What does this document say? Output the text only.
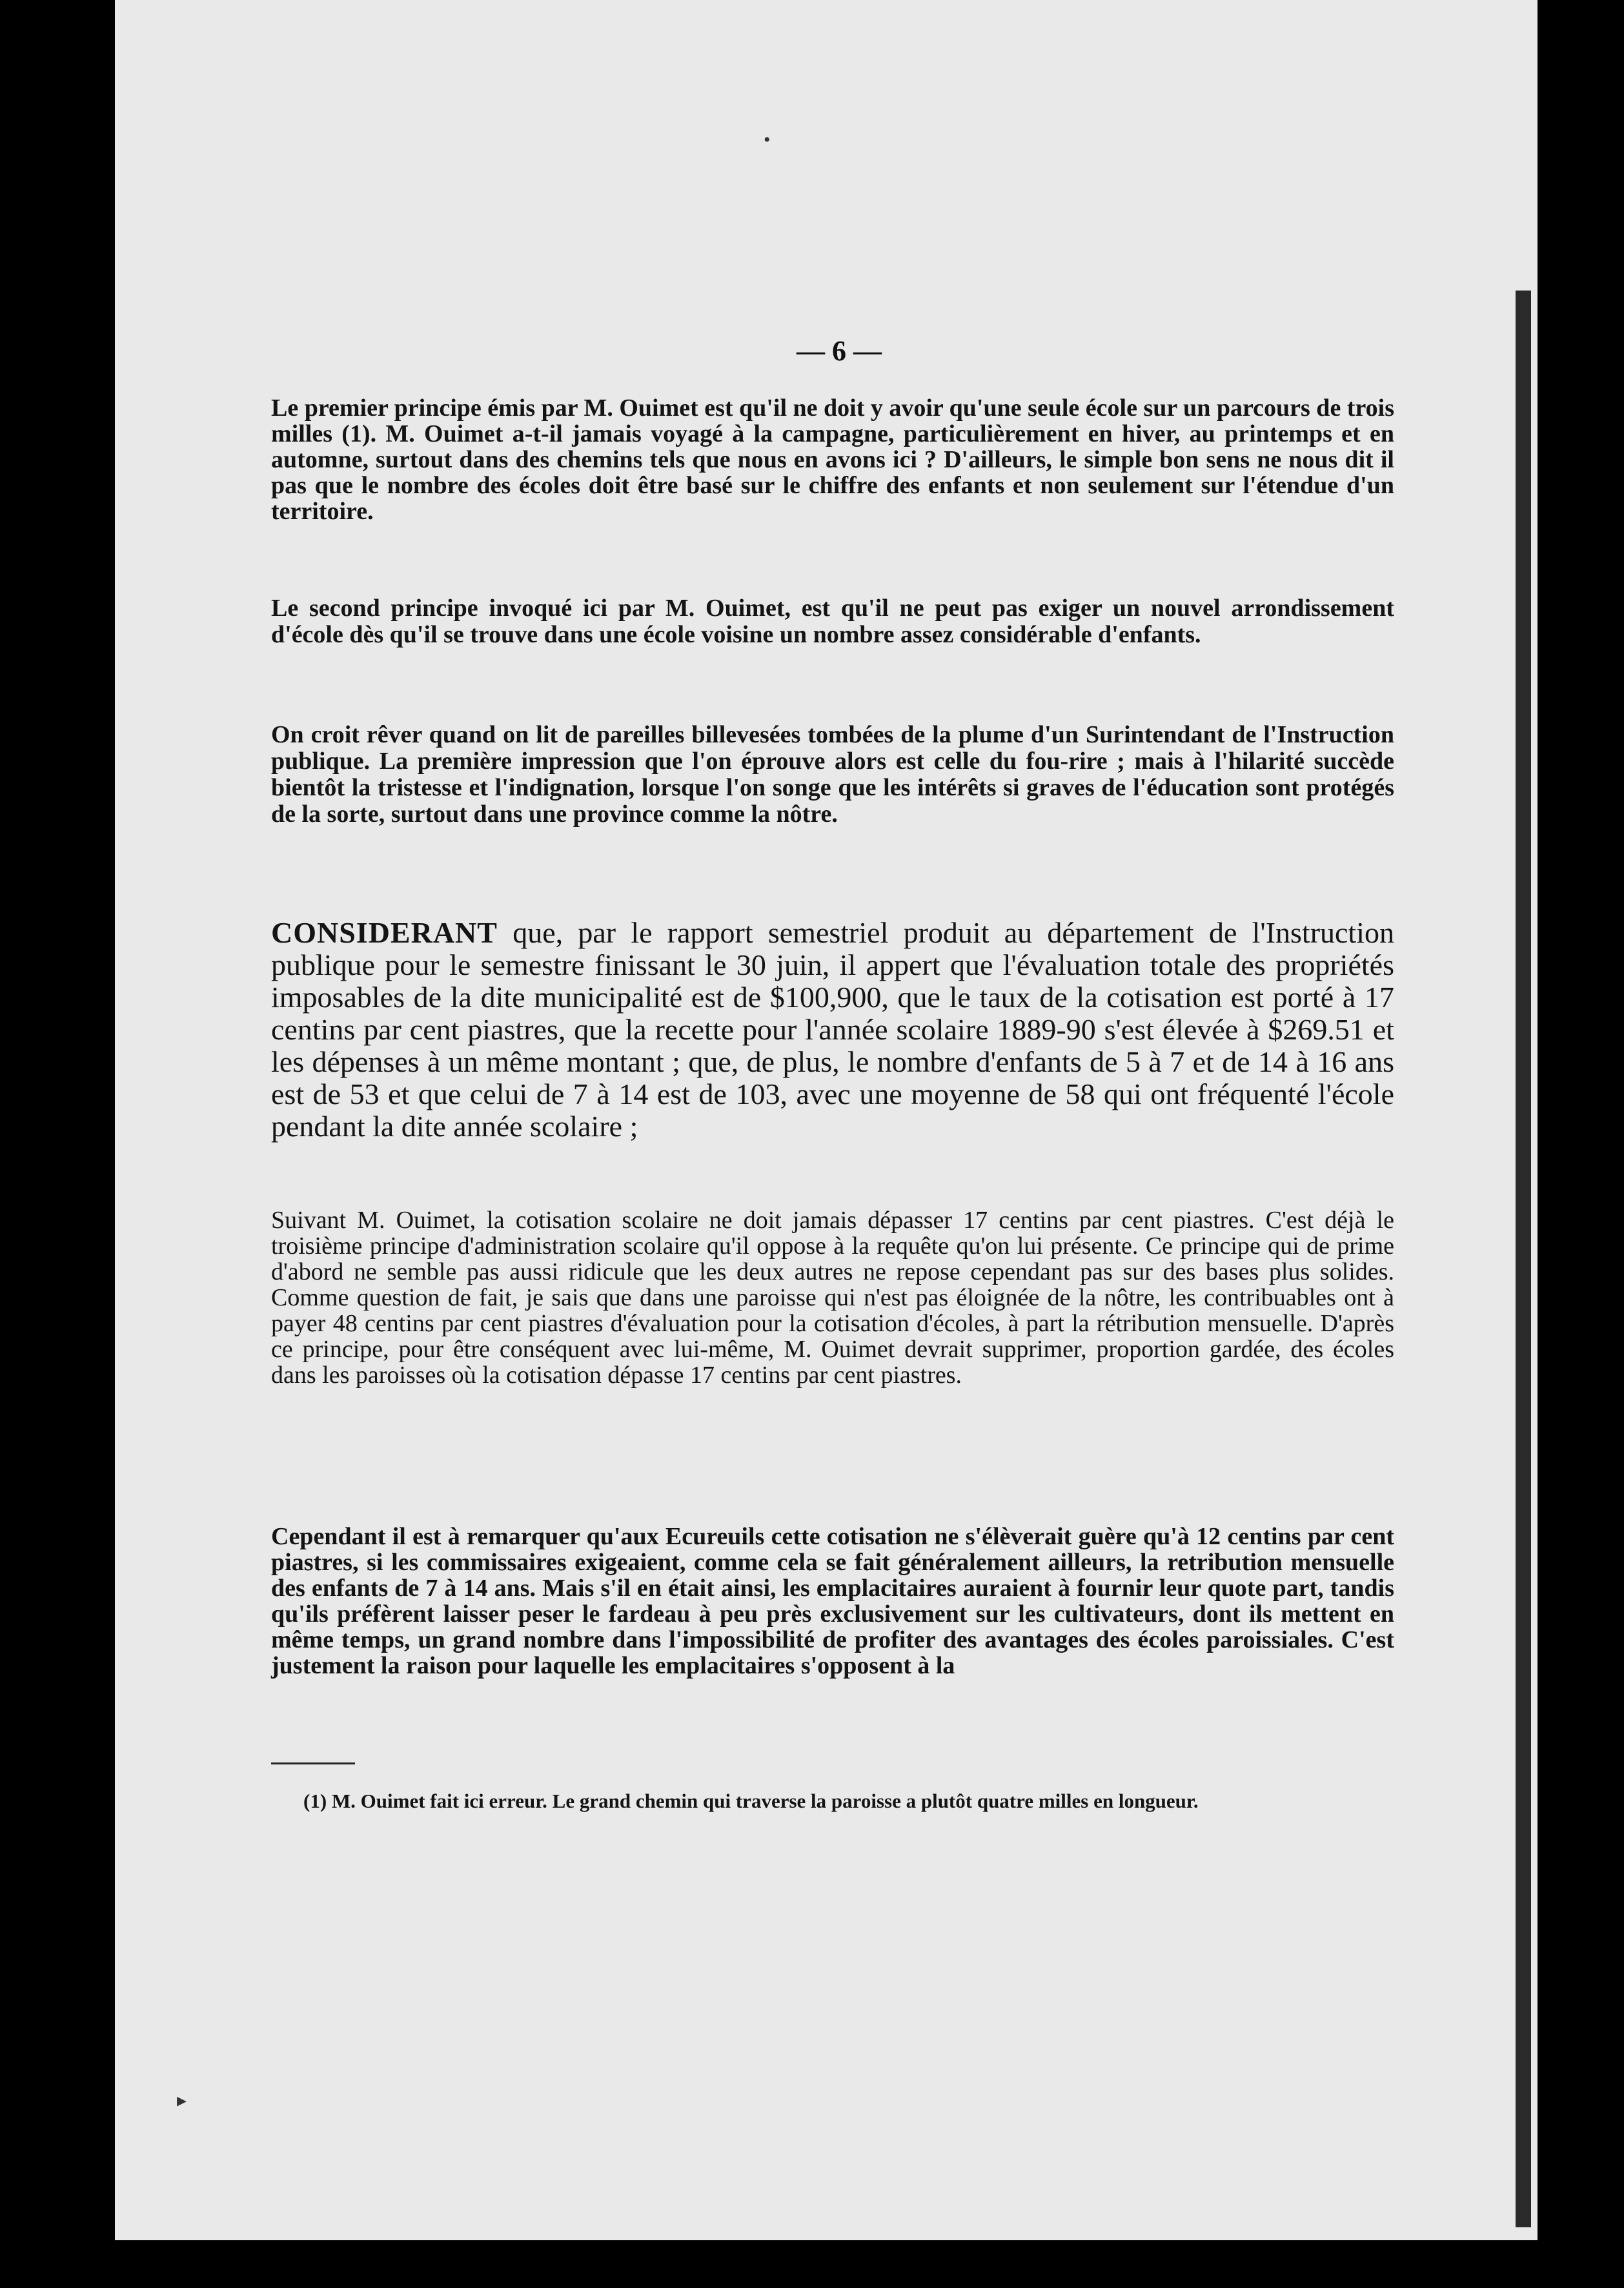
•
▸
— 6 —

Le premier principe émis par M. Ouimet est qu'il ne doit y avoir qu'une seule école sur un parcours de trois milles (1). M. Ouimet a-t-il jamais voyagé à la campagne, particulièrement en hiver, au printemps et en automne, surtout dans des chemins tels que nous en avons ici ? D'ailleurs, le simple bon sens ne nous dit il pas que le nombre des écoles doit être basé sur le chiffre des enfants et non seulement sur l'étendue d'un territoire.

Le second principe invoqué ici par M. Ouimet, est qu'il ne peut pas exiger un nouvel arrondissement d'école dès qu'il se trouve dans une école voisine un nombre assez considérable d'enfants.

On croit rêver quand on lit de pareilles billevesées tombées de la plume d'un Surintendant de l'Instruction publique. La première impression que l'on éprouve alors est celle du fou-rire ; mais à l'hilarité succède bientôt la tristesse et l'indignation, lorsque l'on songe que les intérêts si graves de l'éducation sont protégés de la sorte, surtout dans une province comme la nôtre.

CONSIDERANT que, par le rapport semestriel produit au département de l'Instruction publique pour le semestre finissant le 30 juin, il appert que l'évaluation totale des propriétés imposables de la dite municipalité est de $100,900, que le taux de la cotisation est porté à 17 centins par cent piastres, que la recette pour l'année scolaire 1889-90 s'est élevée à $269.51 et les dépenses à un même montant ; que, de plus, le nombre d'enfants de 5 à 7 et de 14 à 16 ans est de 53 et que celui de 7 à 14 est de 103, avec une moyenne de 58 qui ont fréquenté l'école pendant la dite année scolaire ;

Suivant M. Ouimet, la cotisation scolaire ne doit jamais dépasser 17 centins par cent piastres. C'est déjà le troisième principe d'administration scolaire qu'il oppose à la requête qu'on lui présente. Ce principe qui de prime d'abord ne semble pas aussi ridicule que les deux autres ne repose cependant pas sur des bases plus solides. Comme question de fait, je sais que dans une paroisse qui n'est pas éloignée de la nôtre, les contribuables ont à payer 48 centins par cent piastres d'évaluation pour la cotisation d'écoles, à part la rétribution mensuelle. D'après ce principe, pour être conséquent avec lui-même, M. Ouimet devrait supprimer, proportion gardée, des écoles dans les paroisses où la cotisation dépasse 17 centins par cent piastres.

Cependant il est à remarquer qu'aux Ecureuils cette cotisation ne s'élèverait guère qu'à 12 centins par cent piastres, si les commissaires exigeaient, comme cela se fait généralement ailleurs, la retribution mensuelle des enfants de 7 à 14 ans. Mais s'il en était ainsi, les emplacitaires auraient à fournir leur quote part, tandis qu'ils préfèrent laisser peser le fardeau à peu près exclusivement sur les cultivateurs, dont ils mettent en même temps, un grand nombre dans l'impossibilité de profiter des avantages des écoles paroissiales. C'est justement la raison pour laquelle les emplacitaires s'opposent à la

(1) M. Ouimet fait ici erreur. Le grand chemin qui traverse la paroisse a plutôt quatre milles en longueur.
